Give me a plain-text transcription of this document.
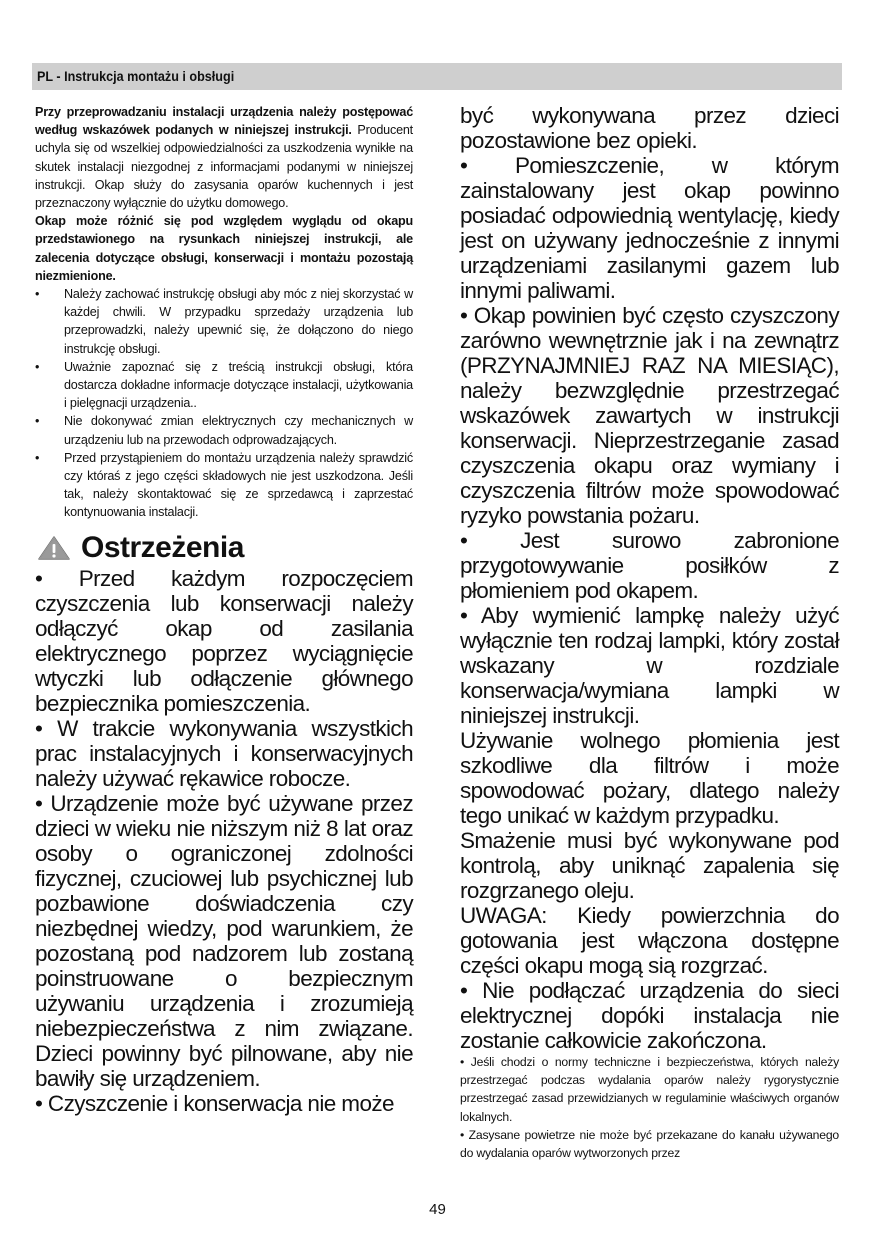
PL - Instrukcja montażu i obsługi

Przy przeprowadzaniu instalacji urządzenia należy postępować według wskazówek podanych w niniejszej instrukcji. Producent uchyla się od wszelkiej odpowiedzialności za uszkodzenia wynikłe na skutek instalacji niezgodnej z informacjami podanymi w niniejszej instrukcji. Okap służy do zasysania oparów kuchennych i jest przeznaczony wyłącznie do użytku domowego.

Okap może różnić się pod względem wyglądu od okapu przedstawionego na rysunkach niniejszej instrukcji, ale zalecenia dotyczące obsługi, konserwacji i montażu pozostają niezmienione.

• Należy zachować instrukcję obsługi aby móc z niej skorzystać w każdej chwili. W przypadku sprzedaży urządzenia lub przeprowadzki, należy upewnić się, że dołączono do niego instrukcję obsługi.
• Uważnie zapoznać się z treścią instrukcji obsługi, która dostarcza dokładne informacje dotyczące instalacji, użytkowania i pielęgnacji urządzenia..
• Nie dokonywać zmian elektrycznych czy mechanicznych w urządzeniu lub na przewodach odprowadzających.
• Przed przystąpieniem do montażu urządzenia należy sprawdzić czy któraś z jego części składowych nie jest uszkodzona. Jeśli tak, należy skontaktować się ze sprzedawcą i zaprzestać kontynuowania instalacji.
Ostrzeżenia

• Przed każdym rozpoczęciem czyszczenia lub konserwacji należy odłączyć okap od zasilania elektrycznego poprzez wyciągnięcie wtyczki lub odłączenie głównego bezpiecznika pomieszczenia.

• W trakcie wykonywania wszystkich prac instalacyjnych i konserwacyjnych należy używać rękawice robocze.

• Urządzenie może być używane przez dzieci w wieku nie niższym niż 8 lat oraz osoby o ograniczonej zdolności fizycznej, czuciowej lub psychicznej lub pozbawione doświadczenia czy niezbędnej wiedzy, pod warunkiem, że pozostaną pod nadzorem lub zostaną poinstruowane o bezpiecznym używaniu urządzenia i zrozumieją niebezpieczeństwa z nim związane. Dzieci powinny być pilnowane, aby nie bawiły się urządzeniem.

• Czyszczenie i konserwacja nie może

być wykonywana przez dzieci pozostawione bez opieki.

• Pomieszczenie, w którym zainstalowany jest okap powinno posiadać odpowiednią wentylację, kiedy jest on używany jednocześnie z innymi urządzeniami zasilanymi gazem lub innymi paliwami.

• Okap powinien być często czyszczony zarówno wewnętrznie jak i na zewnątrz (PRZYNAJMNIEJ RAZ NA MIESIĄC), należy bezwzględnie przestrzegać wskazówek zawartych w instrukcji konserwacji. Nieprzestrzeganie zasad czyszczenia okapu oraz wymiany i czyszczenia filtrów może spowodować ryzyko powstania pożaru.

• Jest surowo zabronione przygotowywanie posiłków z płomieniem pod okapem.

• Aby wymienić lampkę należy użyć wyłącznie ten rodzaj lampki, który został wskazany w rozdziale konserwacja/wymiana lampki w niniejszej instrukcji.

Używanie wolnego płomienia jest szkodliwe dla filtrów i może spowodować pożary, dlatego należy tego unikać w każdym przypadku.

Smażenie musi być wykonywane pod kontrolą, aby uniknąć zapalenia się rozgrzanego oleju.

UWAGA: Kiedy powierzchnia do gotowania jest włączona dostępne części okapu mogą sią rozgrzać.

• Nie podłączać urządzenia do sieci elektrycznej dopóki instalacja nie zostanie całkowicie zakończona.

• Jeśli chodzi o normy techniczne i bezpieczeństwa, których należy przestrzegać podczas wydalania oparów należy rygorystycznie przestrzegać zasad przewidzianych w regulaminie właściwych organów lokalnych.

• Zasysane powietrze nie może być przekazane do kanału używanego do wydalania oparów wytworzonych przez

49
